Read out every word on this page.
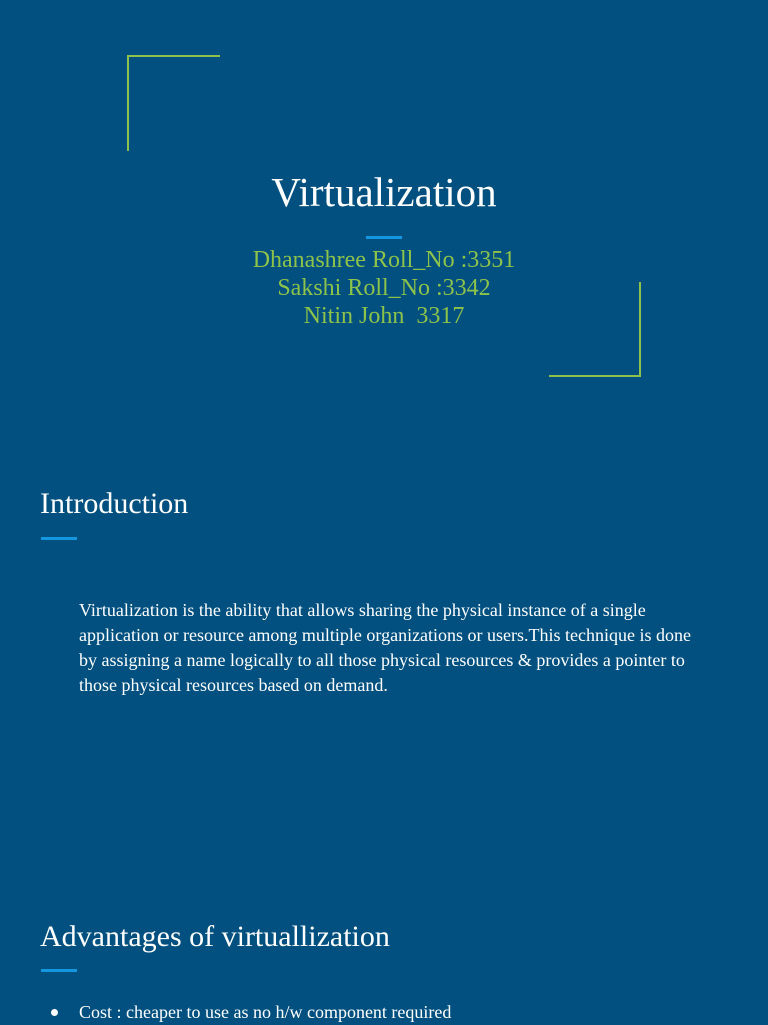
Virtualization
Dhanashree Roll_No :3351
Sakshi Roll_No :3342
Nitin John  3317
Introduction

Virtualization is the ability that allows sharing the physical instance of a single application or resource among multiple organizations or users.This technique is done by assigning a name logically to all those physical resources & provides a pointer to those physical resources based on demand.

Advantages of virtuallization
Cost : cheaper to use as no h/w component required
